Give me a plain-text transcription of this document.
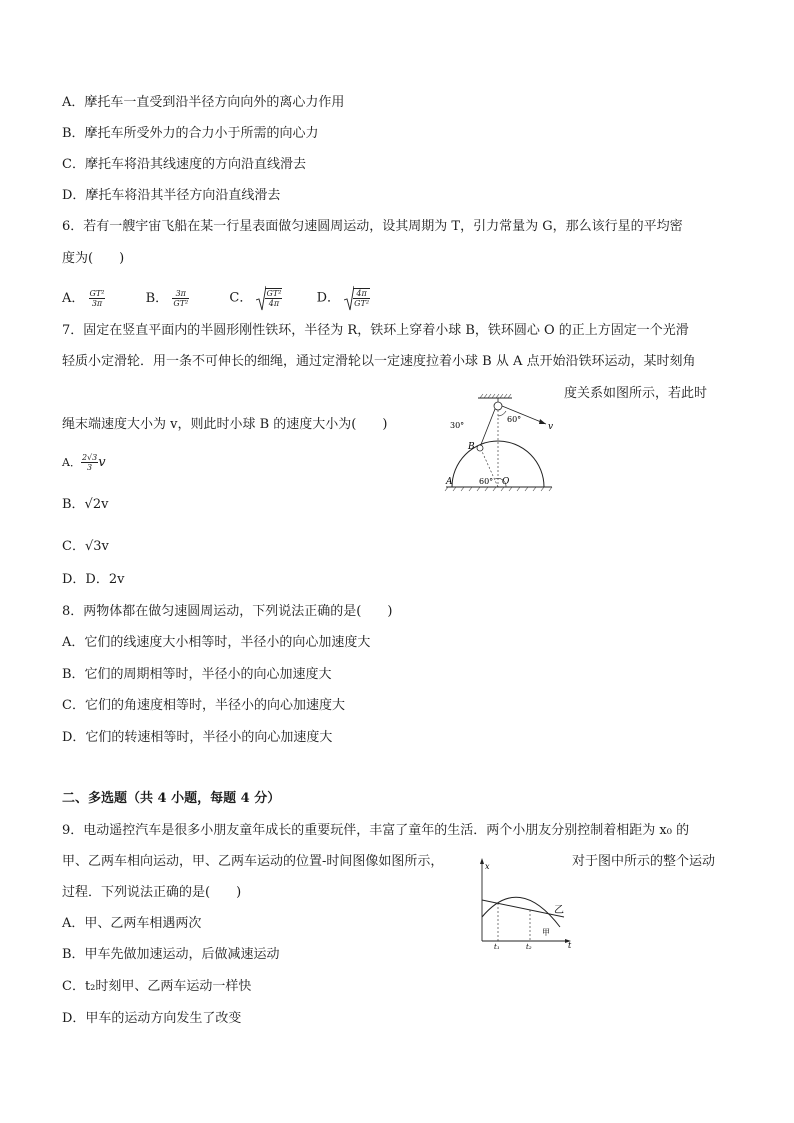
A．摩托车一直受到沿半径方向向外的离心力作用
B．摩托车所受外力的合力小于所需的向心力
C．摩托车将沿其线速度的方向沿直线滑去
D．摩托车将沿其半径方向沿直线滑去
6．若有一艘宇宙飞船在某一行星表面做匀速圆周运动，设其周期为 T，引力常量为 G，那么该行星的平均密
度为(　　)
A． $\frac{\text{GT²}}{3\pi}$	B． $\frac{3\pi}{\text{GT²}}$	C． $\frac{\text{GT²}}{4\pi}$	D． $\frac{4\pi}{\text{GT²}}$
7．固定在竖直平面内的半圆形刚性铁环，半径为 R，铁环上穿着小球 B，铁环圆心 O 的正上方固定一个光滑
轻质小定滑轮．用一条不可伸长的细绳，通过定滑轮以一定速度拉着小球 B 从 A 点开始沿铁环运动，某时刻角
度关系如图所示，若此时
绳末端速度大小为 v，则此时小球 B 的速度大小为(　　)	60°
30°
B
60°
A	O
v
A． $\frac{2√3}{3}$ v
B．√2v
C．√3v
D．D．2v
8．两物体都在做匀速圆周运动，下列说法正确的是(　　)
A．它们的线速度大小相等时，半径小的向心加速度大
B．它们的周期相等时，半径小的向心加速度大
C．它们的角速度相等时，半径小的向心加速度大
D．它们的转速相等时，半径小的向心加速度大
二、多选题（共 4 小题，每题 4 分）
9．电动遥控汽车是很多小朋友童年成长的重要玩伴，丰富了童年的生活．两个小朋友分别控制着相距为 x₀ 的
甲、乙两车相向运动，甲、乙两车运动的位置-时间图像如图所示，	对于图中所示的整个运动
过程．下列说法正确的是(　　)
x
t
t₁	t₂
乙
甲
A．甲、乙两车相遇两次
B．甲车先做加速运动，后做减速运动
C．t₂时刻甲、乙两车运动一样快
D．甲车的运动方向发生了改变
